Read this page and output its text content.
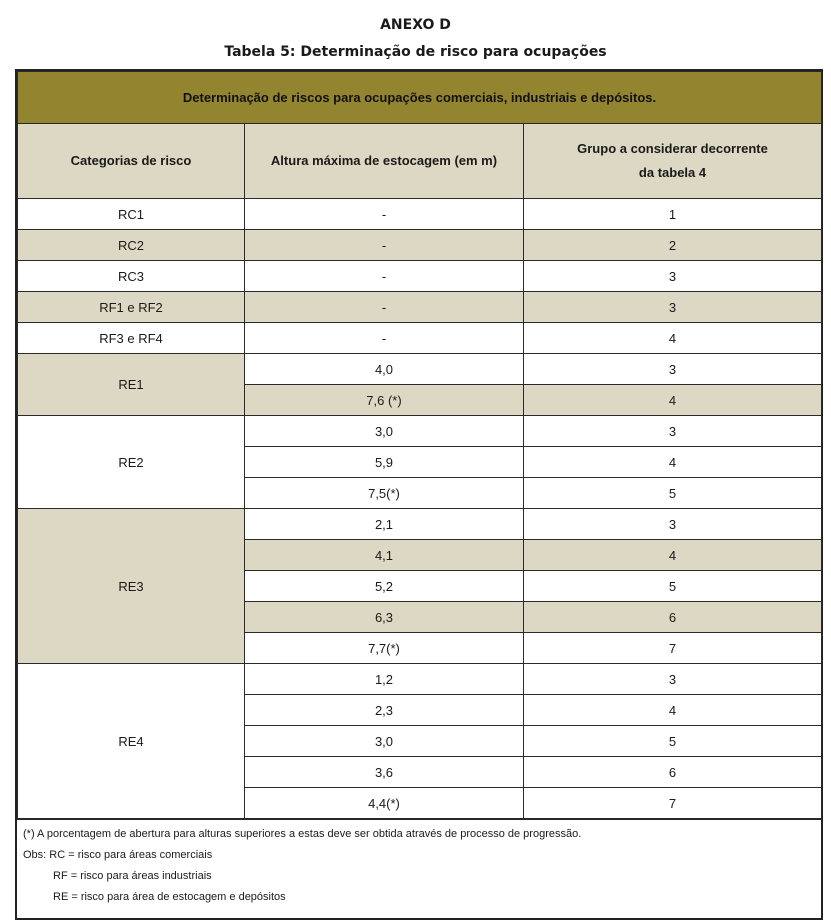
ANEXO D
Tabela 5: Determinação de risco para ocupações
Determinação de riscos para ocupações comerciais, industriais e depósitos.		
Categorias de risco	Altura máxima de estocagem (em m)	Grupo a considerar decorrente
da tabela 4

RC1	-	1
RC2	-	2
RC3	-	3
RF1 e RF2	-	3
RF3 e RF4	-	4
RE1	4,0	3
	7,6 (*)	4
RE2	3,0	3
	5,9	4
	7,5(*)	5
RE3	2,1	3
	4,1	4
	5,2	5
	6,3	6
	7,7(*)	7
RE4	1,2	3
	2,3	4
	3,0	5
	3,6	6
	4,4(*)	7
(*) A porcentagem de abertura para alturas superiores a estas deve ser obtida através de processo de progressão.
Obs: RC = risco para áreas comerciais
RF = risco para áreas industriais
RE = risco para área de estocagem e depósitos
